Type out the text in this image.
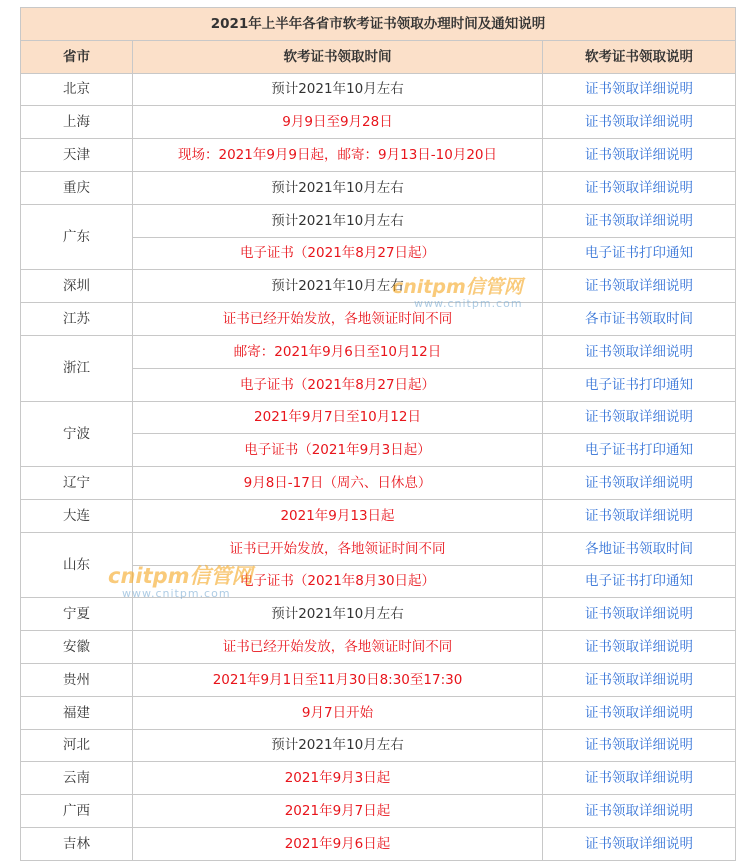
2021年上半年各省市软考证书领取办理时间及通知说明		
省市	软考证书领取时间	软考证书领取说明
北京	预计2021年10月左右	证书领取详细说明
上海	9月9日至9月28日	证书领取详细说明
天津	现场：2021年9月9日起，邮寄：9月13日-10月20日	证书领取详细说明
重庆	预计2021年10月左右	证书领取详细说明
广东	预计2021年10月左右	证书领取详细说明
	电子证书（2021年8月27日起）	电子证书打印通知
深圳	预计2021年10月左右	证书领取详细说明
江苏	证书已经开始发放，各地领证时间不同	各市证书领取时间
浙江	邮寄：2021年9月6日至10月12日	证书领取详细说明
	电子证书（2021年8月27日起）	电子证书打印通知
宁波	2021年9月7日至10月12日	证书领取详细说明
	电子证书（2021年9月3日起）	电子证书打印通知
辽宁	9月8日-17日（周六、日休息）	证书领取详细说明
大连	2021年9月13日起	证书领取详细说明
山东	证书已开始发放，各地领证时间不同	各地证书领取时间
	电子证书（2021年8月30日起）	电子证书打印通知
宁夏	预计2021年10月左右	证书领取详细说明
安徽	证书已经开始发放，各地领证时间不同	证书领取详细说明
贵州	2021年9月1日至11月30日8:30至17:30	证书领取详细说明
福建	9月7日开始	证书领取详细说明
河北	预计2021年10月左右	证书领取详细说明
云南	2021年9月3日起	证书领取详细说明
广西	2021年9月7日起	证书领取详细说明
吉林	2021年9月6日起	证书领取详细说明
cnitpm信管网
www.cnitpm.com
cnitpm信管网
www.cnitpm.com
